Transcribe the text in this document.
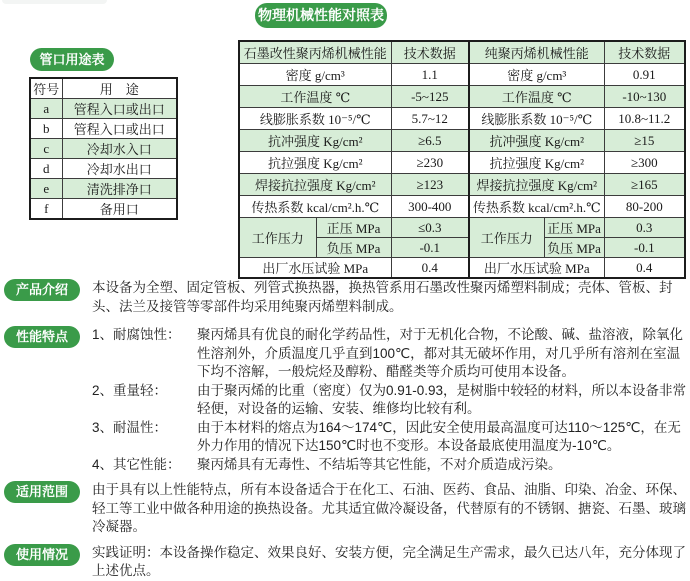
物理机械性能对照表
管口用途表
符号	用　途
a	管程入口或出口
b	管程入口或出口
c	冷却水入口
d	冷却水出口
e	清洗排净口
f	备用口
石墨改性聚丙烯机械性能		技术数据	纯聚丙烯机械性能		技术数据
密度 g/cm³		1.1	密度 g/cm³		0.91
工作温度 ℃		-5~125	工作温度 ℃		-10~130
线膨胀系数 10⁻⁵/℃		5.7~12	线膨胀系数 10⁻⁵/℃		10.8~11.2
抗冲强度 Kg/cm²		≥6.5	抗冲强度 Kg/cm²		≥15
抗拉强度 Kg/cm²		≥230	抗拉强度 Kg/cm²		≥300
焊接抗拉强度 Kg/cm²		≥123	焊接抗拉强度 Kg/cm²		≥165
传热系数 kcal/cm².h.℃		300-400	传热系数 kcal/cm².h.℃		80-200
工作压力	正压 MPa	≤0.3	工作压力	正压 MPa	0.3
	负压 MPa	-0.1		负压 MPa	-0.1
出厂水压试验 MPa		0.4	出厂水压试验 MPa		0.4
产品介绍	本设备为全塑、固定管板、列管式换热器，换热管系用石墨改性聚丙烯塑料制成；壳体、管板、封头、法兰及接管等零部件均采用纯聚丙烯塑料制成。

性能特点	1、耐腐蚀性：	聚丙烯具有优良的耐化学药品性，对于无机化合物，不论酸、碱、盐溶液，除氧化性溶剂外，介质温度几乎直到100℃，都对其无破坏作用，对几乎所有溶剂在室温下均不溶解，一般烷烃及醇粉、醋醛类等介质均可使用本设备。
2、重量轻：	由于聚丙烯的比重（密度）仅为0.91-0.93，是树脂中较轻的材料，所以本设备非常轻便，对设备的运输、安装、维修均比较有利。
3、耐温性：	由于本材料的熔点为164～174℃，因此安全使用最高温度可达110～125℃，在无外力作用的情况下达150℃时也不变形。本设备最底使用温度为-10℃。
4、其它性能：	聚丙烯具有无毒性、不结垢等其它性能，不对介质造成污染。
适用范围	由于具有以上性能特点，所有本设备适合于在化工、石油、医药、食品、油脂、印染、冶金、环保、轻工等工业中做各种用途的换热设备。尤其适宜做冷凝设备，代替原有的不锈钢、搪瓷、石墨、玻璃冷凝器。

使用情况	实践证明：本设备操作稳定、效果良好、安装方便，完全满足生产需求，最久已达八年，充分体现了上述优点。
